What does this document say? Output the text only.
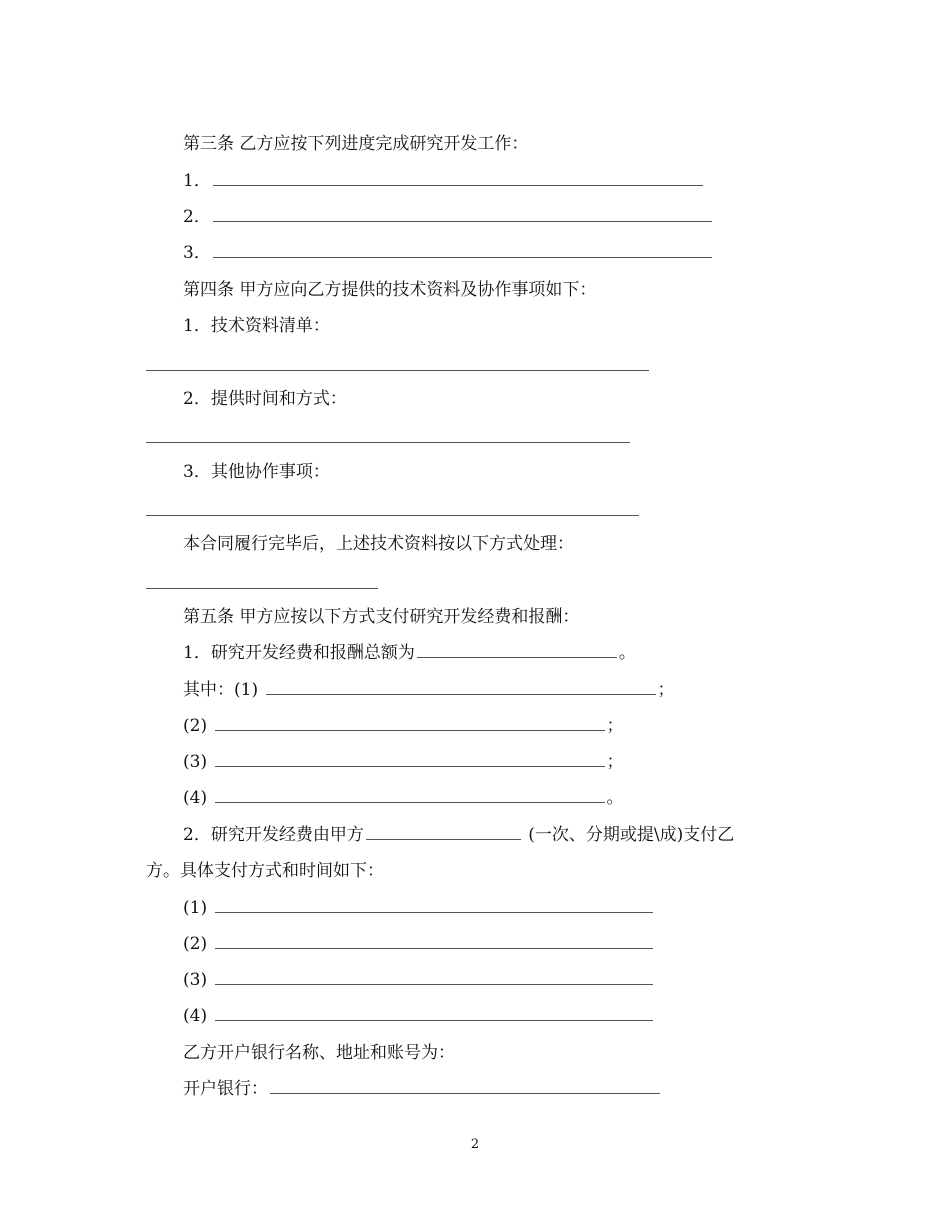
第三条 乙方应按下列进度完成研究开发工作：
1．
2．
3．
第四条 甲方应向乙方提供的技术资料及协作事项如下：
1．技术资料清单：
2．提供时间和方式：
3．其他协作事项：
本合同履行完毕后，上述技术资料按以下方式处理：
第五条 甲方应按以下方式支付研究开发经费和报酬：
1．研究开发经费和报酬总额为	。
其中：(1)	；
(2)	；
(3)	；
(4)	。
2．研究开发经费由甲方	(一次、分期或提\成)支付乙
方。具体支付方式和时间如下：
(1)
(2)
(3)
(4)
乙方开户银行名称、地址和账号为：
开户银行：
2
